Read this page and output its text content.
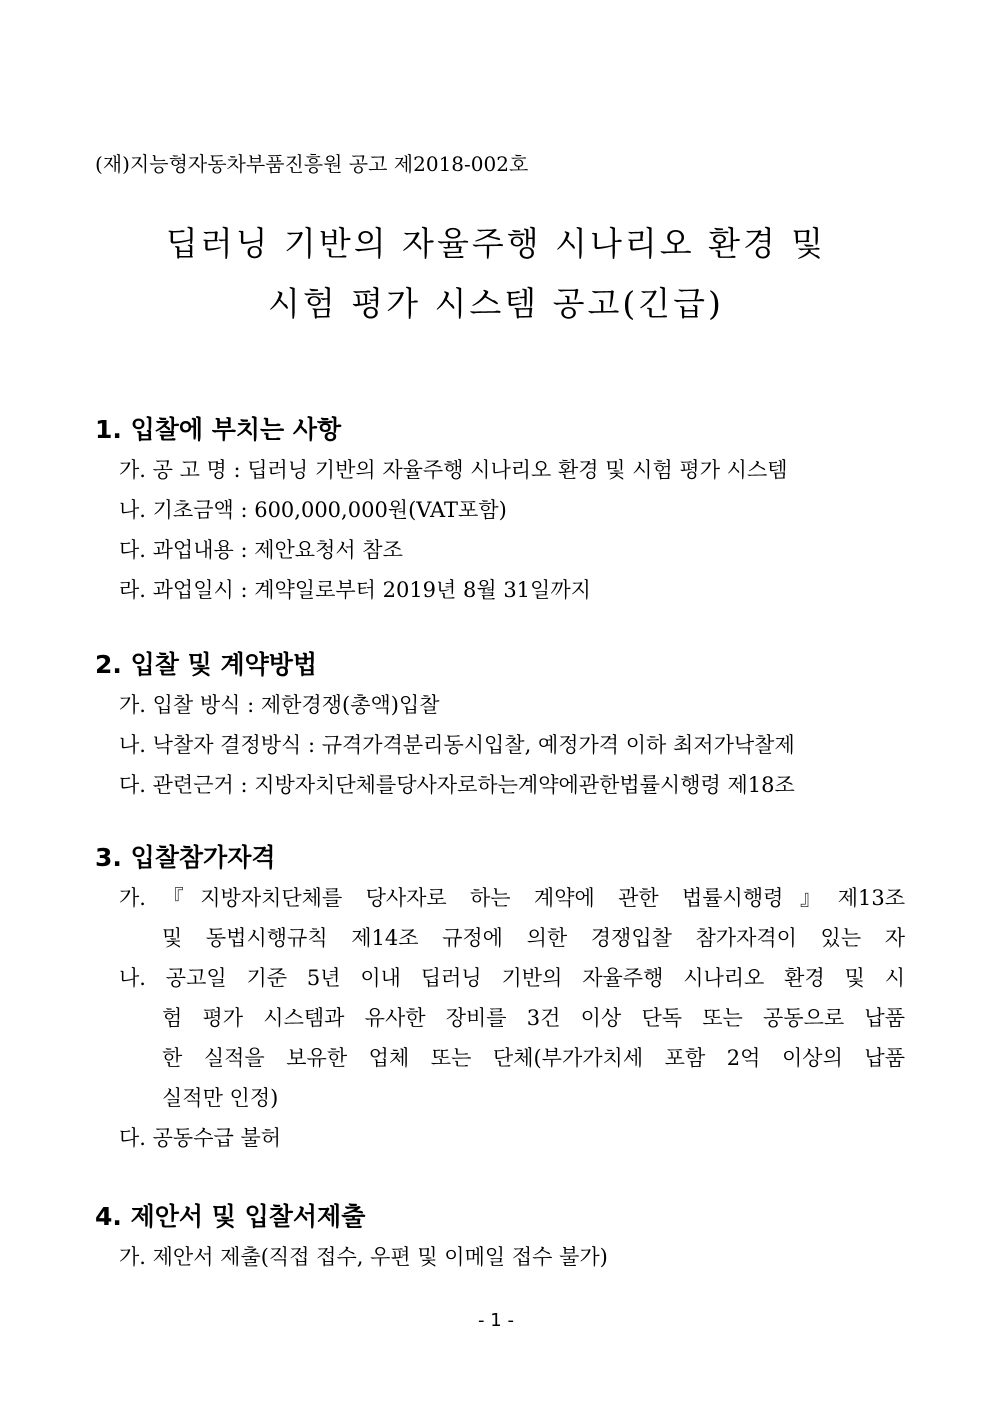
(재)지능형자동차부품진흥원 공고 제2018-002호
딥러닝 기반의 자율주행 시나리오 환경 및
시험 평가 시스템 공고(긴급)
1. 입찰에 부치는 사항
가. 공 고 명 : 딥러닝 기반의 자율주행 시나리오 환경 및 시험 평가 시스템
나. 기초금액 : 600,000,000원(VAT포함)
다. 과업내용 : 제안요청서 참조
라. 과업일시 : 계약일로부터 2019년 8월 31일까지
2. 입찰 및 계약방법
가. 입찰 방식 : 제한경쟁(총액)입찰
나. 낙찰자 결정방식 : 규격가격분리동시입찰, 예정가격 이하 최저가낙찰제
다. 관련근거 : 지방자치단체를당사자로하는계약에관한법률시행령 제18조
3. 입찰참가자격
가.『지방자치단체를 당사자로 하는 계약에 관한 법률시행령』제13조
및 동법시행규칙 제14조 규정에 의한 경쟁입찰 참가자격이 있는 자
나. 공고일 기준 5년 이내 딥러닝 기반의 자율주행 시나리오 환경 및 시
험 평가 시스템과 유사한 장비를 3건 이상 단독 또는 공동으로 납품
한 실적을 보유한 업체 또는 단체(부가가치세 포함 2억 이상의 납품
실적만 인정)
다. 공동수급 불허
4. 제안서 및 입찰서제출
가. 제안서 제출(직접 접수, 우편 및 이메일 접수 불가)
- 1 -
